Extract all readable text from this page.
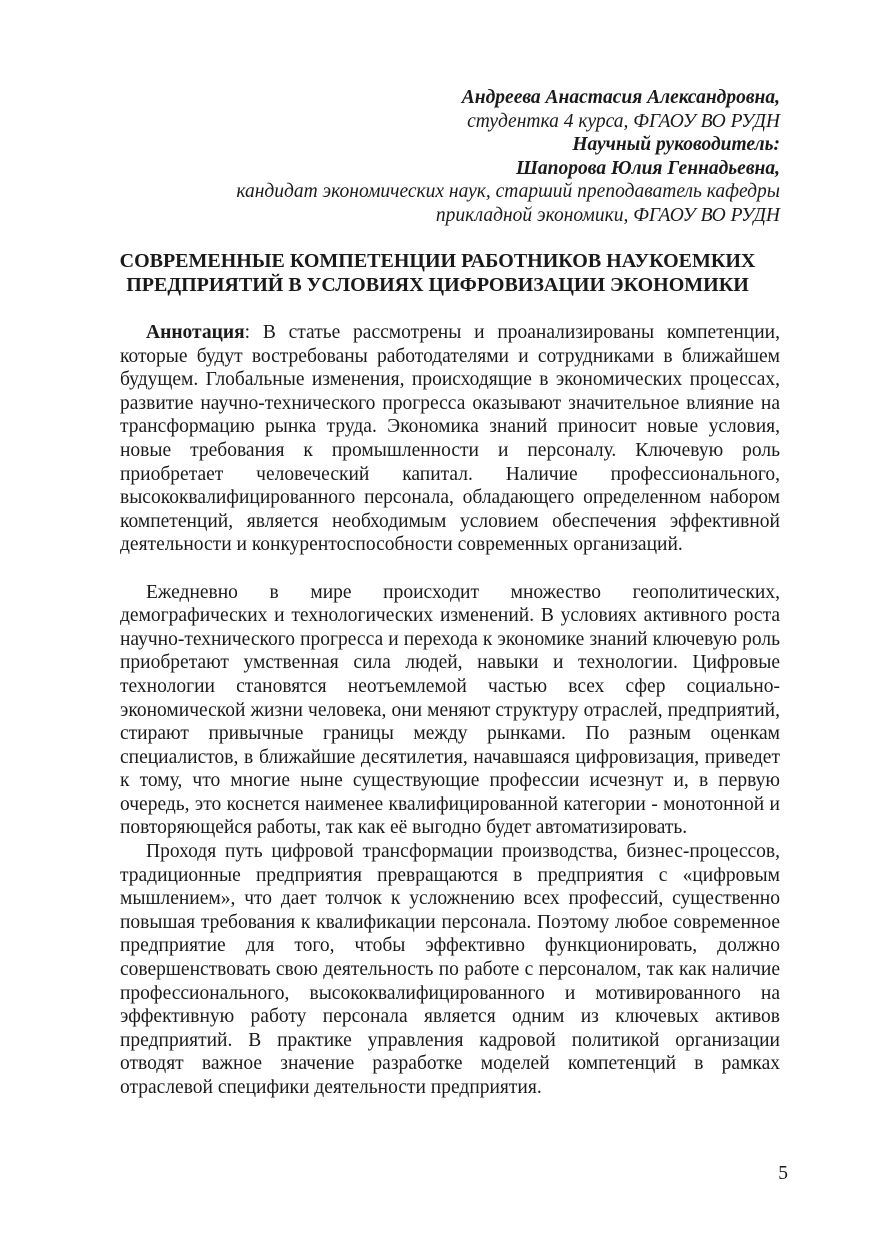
Андреева Анастасия Александровна,
студентка 4 курса, ФГАОУ ВО РУДН
Научный руководитель:
Шапорова Юлия Геннадьевна,
кандидат экономических наук, старший преподаватель кафедры
прикладной экономики, ФГАОУ ВО РУДН
СОВРЕМЕННЫЕ КОМПЕТЕНЦИИ РАБОТНИКОВ НАУКОЕМКИХ
ПРЕДПРИЯТИЙ В УСЛОВИЯХ ЦИФРОВИЗАЦИИ ЭКОНОМИКИ

Аннотация: В статье рассмотрены и проанализированы компетенции, которые будут востребованы работодателями и сотрудниками в ближайшем будущем. Глобальные изменения, происходящие в экономических процессах, развитие научно-технического прогресса оказывают значительное влияние на трансформацию рынка труда. Экономика знаний приносит новые условия, новые требования к промышленности и персоналу. Ключевую роль приобретает человеческий капитал. Наличие профессионального, высококвалифицированного персонала, обладающего определенном набором компетенций, является необходимым условием обеспечения эффективной деятельности и конкурентоспособности современных организаций.

Ежедневно в мире происходит множество геополитических, демографических и технологических изменений. В условиях активного роста научно-технического прогресса и перехода к экономике знаний ключевую роль приобретают умственная сила людей, навыки и технологии. Цифровые технологии становятся неотъемлемой частью всех сфер социально-экономической жизни человека, они меняют структуру отраслей, предприятий, стирают привычные границы между рынками. По разным оценкам специалистов, в ближайшие десятилетия, начавшаяся цифровизация, приведет к тому, что многие ныне существующие профессии исчезнут и, в первую очередь, это коснется наименее квалифицированной категории - монотонной и повторяющейся работы, так как её выгодно будет автоматизировать.

Проходя путь цифровой трансформации производства, бизнес-процессов, традиционные предприятия превращаются в предприятия с «цифровым мышлением», что дает толчок к усложнению всех профессий, существенно повышая требования к квалификации персонала. Поэтому любое современное предприятие для того, чтобы эффективно функционировать, должно совершенствовать свою деятельность по работе с персоналом, так как наличие профессионального, высококвалифицированного и мотивированного на эффективную работу персонала является одним из ключевых активов предприятий. В практике управления кадровой политикой организации отводят важное значение разработке моделей компетенций в рамках отраслевой специфики деятельности предприятия.

5
